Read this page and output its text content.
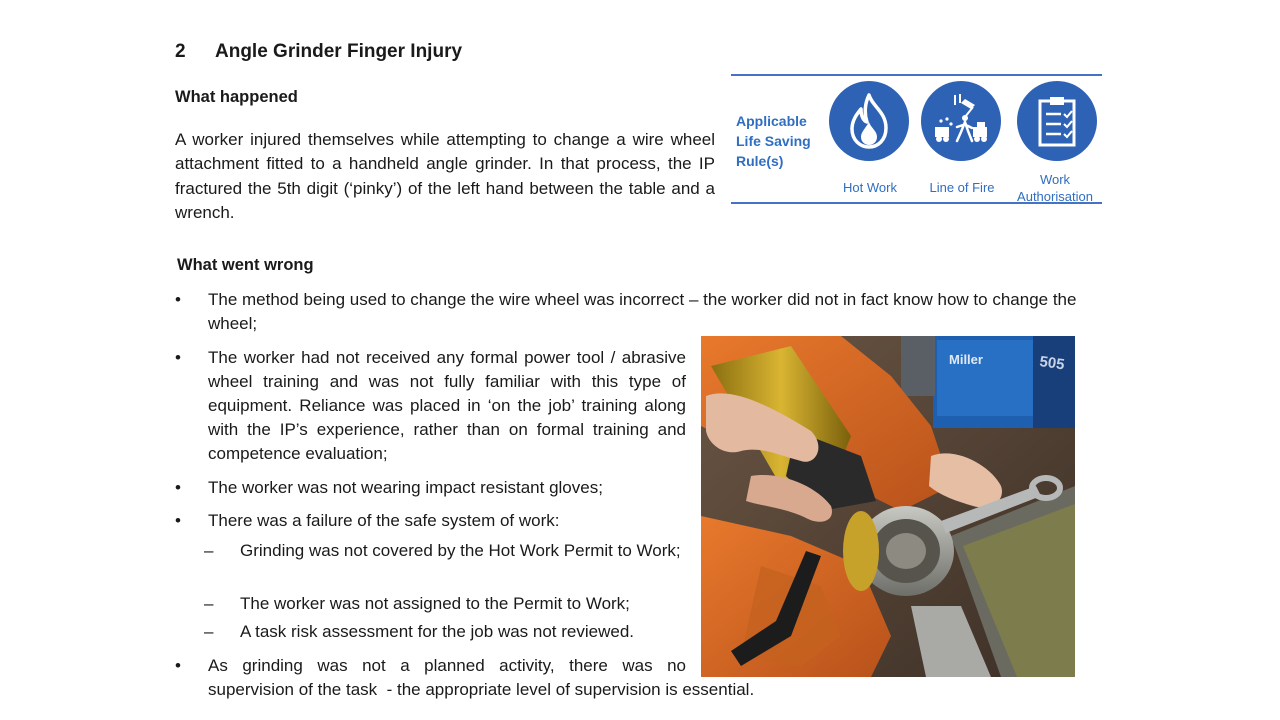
2 Angle Grinder Finger Injury
What happened
A worker injured themselves while attempting to change a wire wheel attachment fitted to a handheld angle grinder. In that process, the IP fractured the 5th digit (‘pinky’) of the left hand between the table and a wrench.
Applicable
Life Saving
Rule(s)
Hot Work	Line of Fire
Work
Authorisation
What went wrong
• The method being used to change the wire wheel was incorrect – the worker did not in fact know how to change the wheel;
• The worker had not received any formal power tool / abrasive wheel training and was not fully familiar with this type of equipment. Reliance was placed in ‘on the job’ training along with the IP’s experience, rather than on formal training and competence evaluation;
• The worker was not wearing impact resistant gloves;
• There was a failure of the safe system of work:
– Grinding was not covered by the Hot Work Permit to Work;
– The worker was not assigned to the Permit to Work;
– A task risk assessment for the job was not reviewed.
• As grinding was not a planned activity, there was no
supervision of the task  - the appropriate level of supervision is essential.
Miller	505
